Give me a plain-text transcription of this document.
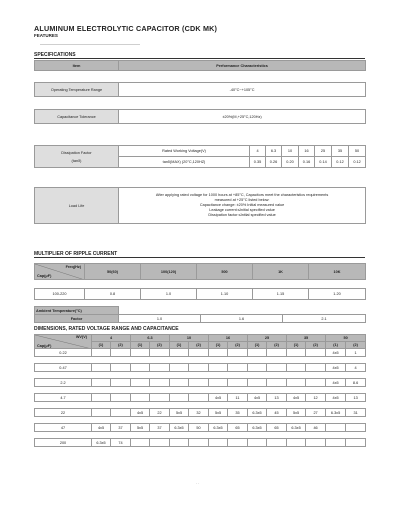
ALUMINUM ELECTROLYTIC CAPACITOR (CDK MK)
FEATURES
SPECIFICATIONS
Item	Performance Characteristics							

Operating Temperature Range	-40°C~+105°C							

Capacitance Tolerance	±20%(M,+25°C,120Hz)							

Dissipation Factor
(tanδ)	Rated Working Voltage(V)	4	6.3	10	16	25	35	50
	tanδ(MAX) (20°C,120HZ)	0.35	0.26	0.20	0.16	0.14	0.12	0.12

Load Life	After applying rated voltage for 1000 hours at +85°C, Capacitors meet the characteristics requirements
measured at +25°C listed below:
Capacitance change: ±20% Initial measured value
Leakage current:≤Initial specified value
Dissipation factor:≤Initial specified value							
MULTIPLIER OF RIPPLE CURRENT
Freq(Hz)
Cap(μF)	50(60)	100(120)	500	1K	10K

100-220	0.8	1.0	1.10	1.15	1.20

Ambient Temperature(°C)			
Factor	1.0	1.6	2.1
DIMENSIONS, RATED VOLTAGE RANGE AND CAPACITANCE
WV(V)
Cap(μF)	4		6.3		10		16		25		35		50	
	(1)	(2)	(1)	(2)	(1)	(2)	(1)	(2)	(1)	(2)	(1)	(2)	(1)	(2)
0.22													4x5	1

0.47													4x5	4

2.2													4x5	8.6

4.7							4x5	11	4x5	13	4x5	12	4x5	13

22			4x5	22	5x5	32	5x5	35	6.3x5	45	5x5	27	6.3x5	31

47	4x5	37	5x5	37	6.3x5	50	6.3x5	65	6.3x5	65	6.3x5	46		

200	6.3x5	74												
· ·
